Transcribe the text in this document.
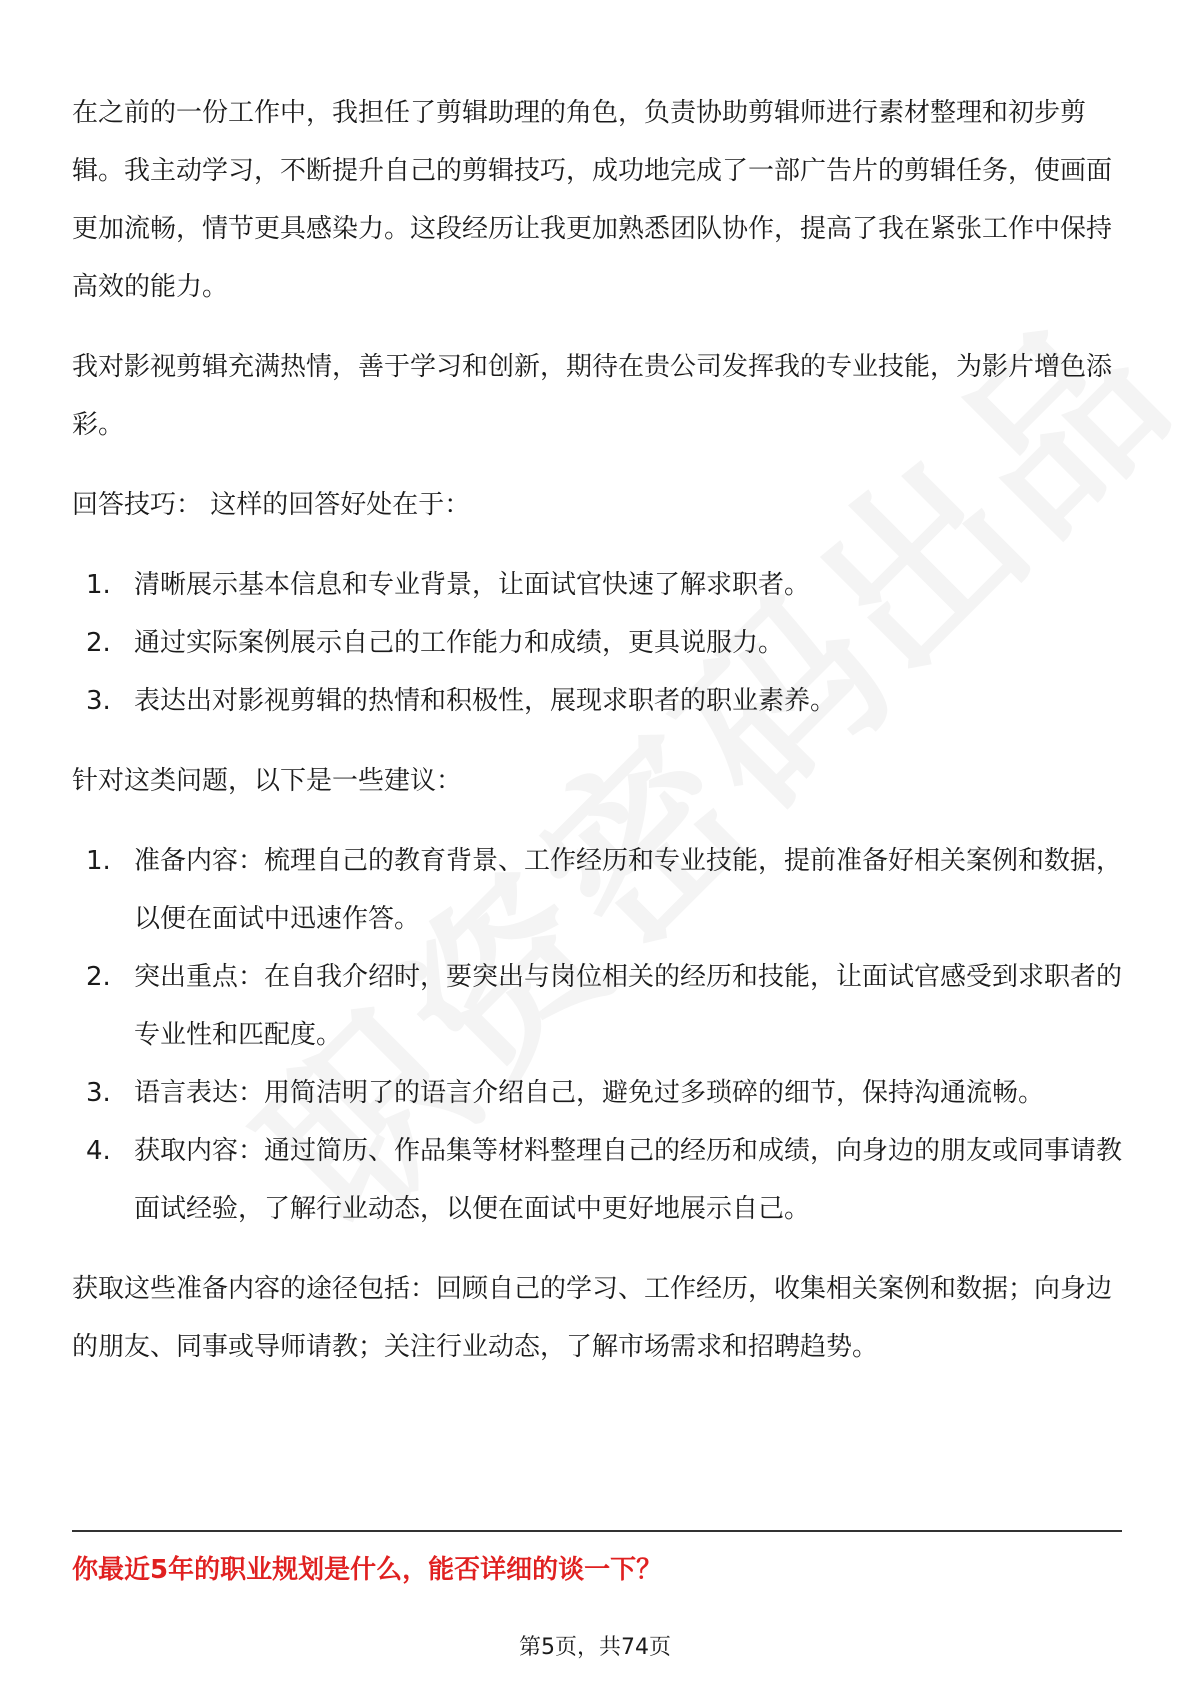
在之前的一份工作中，我担任了剪辑助理的角色，负责协助剪辑师进行素材整理和初步剪辑。我主动学习，不断提升自己的剪辑技巧，成功地完成了一部广告片的剪辑任务，使画面更加流畅，情节更具感染力。这段经历让我更加熟悉团队协作，提高了我在紧张工作中保持高效的能力。

我对影视剪辑充满热情，善于学习和创新，期待在贵公司发挥我的专业技能，为影片增色添彩。

回答技巧： 这样的回答好处在于：

1. 清晰展示基本信息和专业背景，让面试官快速了解求职者。
2. 通过实际案例展示自己的工作能力和成绩，更具说服力。
3. 表达出对影视剪辑的热情和积极性，展现求职者的职业素养。

针对这类问题，以下是一些建议：

1. 准备内容：梳理自己的教育背景、工作经历和专业技能，提前准备好相关案例和数据，以便在面试中迅速作答。
2. 突出重点：在自我介绍时，要突出与岗位相关的经历和技能，让面试官感受到求职者的专业性和匹配度。
3. 语言表达：用简洁明了的语言介绍自己，避免过多琐碎的细节，保持沟通流畅。
4. 获取内容：通过简历、作品集等材料整理自己的经历和成绩，向身边的朋友或同事请教面试经验，了解行业动态，以便在面试中更好地展示自己。

获取这些准备内容的途径包括：回顾自己的学习、工作经历，收集相关案例和数据；向身边的朋友、同事或导师请教；关注行业动态，了解市场需求和招聘趋势。

你最近5年的职业规划是什么，能否详细的谈一下？
第5页，共74页
